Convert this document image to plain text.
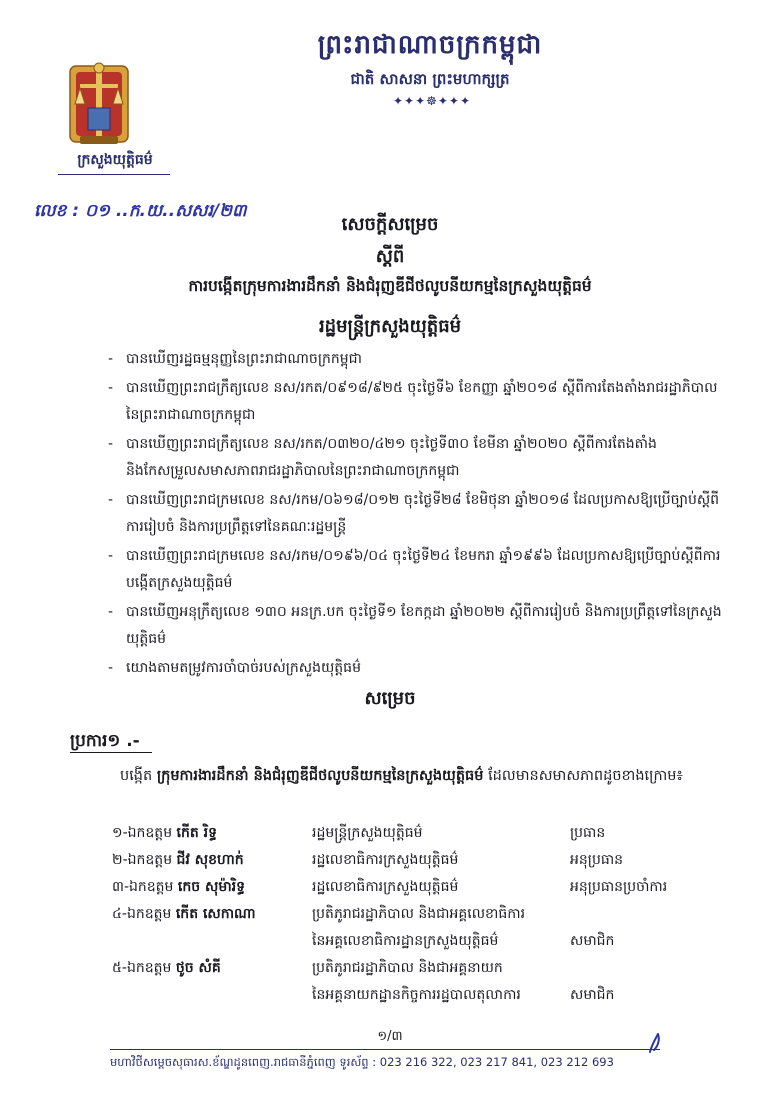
ព្រះរាជាណាចក្រកម្ពុជា
ជាតិ សាសនា ព្រះមហាក្សត្រ
✦✦✦☸✦✦✦
ក្រសួងយុត្តិធម៌
លេខ : ០១ ..ក.យ..សសរ/២៣
សេចក្ដីសម្រេច
ស្ដីពី
ការបង្កើតក្រុមការងារដឹកនាំ និងជំរុញឌីជីថលូបនីយកម្មនៃក្រសួងយុត្តិធម៌
រដ្ឋមន្ត្រីក្រសួងយុត្តិធម៌
- បានឃើញរដ្ឋធម្មនុញ្ញនៃព្រះរាជាណាចក្រកម្ពុជា
- បានឃើញព្រះរាជក្រឹត្យលេខ នស/រកត/០៩១៨/៩២៥ ចុះថ្ងៃទី៦ ខែកញ្ញា ឆ្នាំ២០១៨ ស្ដីពីការតែងតាំងរាជរដ្ឋាភិបាលនៃព្រះរាជាណាចក្រកម្ពុជា
- បានឃើញព្រះរាជក្រឹត្យលេខ នស/រកត/០៣២០/៤២១ ចុះថ្ងៃទី៣០ ខែមីនា ឆ្នាំ២០២០ ស្ដីពីការតែងតាំងនិងកែសម្រួលសមាសភាពរាជរដ្ឋាភិបាលនៃព្រះរាជាណាចក្រកម្ពុជា
- បានឃើញព្រះរាជក្រមលេខ នស/រកម/០៦១៨/០១២ ចុះថ្ងៃទី២៨ ខែមិថុនា ឆ្នាំ២០១៨ ដែលប្រកាសឱ្យប្រើច្បាប់ស្ដីពីការរៀបចំ និងការប្រព្រឹត្តទៅនៃគណៈរដ្ឋមន្ត្រី
- បានឃើញព្រះរាជក្រមលេខ នស/រកម/០១៩៦/០៤ ចុះថ្ងៃទី២៤ ខែមករា ឆ្នាំ១៩៩៦ ដែលប្រកាសឱ្យប្រើច្បាប់ស្ដីពីការបង្កើតក្រសួងយុត្តិធម៌
- បានឃើញអនុក្រឹត្យលេខ ១៣០ អនក្រ.បក ចុះថ្ងៃទី១ ខែកក្កដា ឆ្នាំ២០២២ ស្ដីពីការរៀបចំ និងការប្រព្រឹត្តទៅនៃក្រសួងយុត្តិធម៌
- យោងតាមតម្រូវការចាំបាច់របស់ក្រសួងយុត្តិធម៌
សម្រេច
ប្រការ១ .-
បង្កើត ក្រុមការងារដឹកនាំ និងជំរុញឌីជីថលូបនីយកម្មនៃក្រសួងយុត្តិធម៌ ដែលមានសមាសភាពដូចខាងក្រោម៖
១-ឯកឧត្តម កើត រិទ្ធ	រដ្ឋមន្ត្រីក្រសួងយុត្តិធម៌	ប្រធាន
២-ឯកឧត្តម ជីវ សុខហាក់	រដ្ឋលេខាធិការក្រសួងយុត្តិធម៌	អនុប្រធាន
៣-ឯកឧត្តម កេច សុម៉ារិទ្ធ	រដ្ឋលេខាធិការក្រសួងយុត្តិធម៌	អនុប្រធានប្រចាំការ
៤-ឯកឧត្តម កើត សេកាណា	ប្រតិភូរាជរដ្ឋាភិបាល និងជាអគ្គលេខាធិការ
នៃអគ្គលេខាធិការដ្ឋានក្រសួងយុត្តិធម៌	សមាជិក
៥-ឯកឧត្តម ថូច សំគី	ប្រតិភូរាជរដ្ឋាភិបាល និងជាអគ្គនាយក
នៃអគ្គនាយកដ្ឋានកិច្ចការរដ្ឋបាលតុលាការ	សមាជិក
១/៣
មហាវិថីសម្ដេចសុធារស.ខ័ណ្ឌដូនពេញ.រាជធានីភ្នំពេញ ទូរស័ព្ទ : 023 216 322, 023 217 841, 023 212 693
